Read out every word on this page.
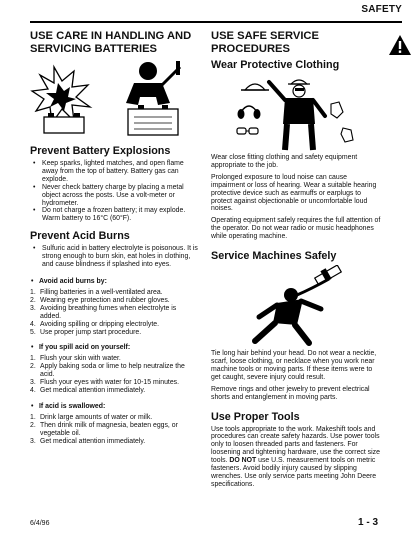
SAFETY
USE CARE IN HANDLING AND SERVICING BATTERIES
Prevent Battery Explosions
• Keep sparks, lighted matches, and open flame away from the top of battery. Battery gas can explode.
• Never check battery charge by placing a metal object across the posts. Use a volt-meter or hydrometer.
• Do not charge a frozen battery; it may explode. Warm battery to 16°C (60°F).
Prevent Acid Burns
• Sulfuric acid in battery electrolyte is poisonous. It is strong enough to burn skin, eat holes in clothing, and cause blindness if splashed into eyes.

• Avoid acid burns by:

1. Filling batteries in a well-ventilated area.
2. Wearing eye protection and rubber gloves.
3. Avoiding breathing fumes when electrolyte is added.
4. Avoiding spilling or dripping electrolyte.
5. Use proper jump start procedure.

• If you spill acid on yourself:

1. Flush your skin with water.
2. Apply baking soda or lime to help neutralize the acid.
3. Flush your eyes with water for 10-15 minutes.
4. Get medical attention immediately.

• If acid is swallowed:

1. Drink large amounts of water or milk.
2. Then drink milk of magnesia, beaten eggs, or vegetable oil.
3. Get medical attention immediately.
USE SAFE SERVICE PROCEDURES
Wear Protective Clothing

Wear close fitting clothing and safety equipment appropriate to the job.

Prolonged exposure to loud noise can cause impairment or loss of hearing. Wear a suitable hearing protective device such as earmuffs or earplugs to protect against objectionable or uncomfortable loud noises.

Operating equipment safely requires the full attention of the operator. Do not wear radio or music headphones while operating machine.

Service Machines Safely

Tie long hair behind your head. Do not wear a necktie, scarf, loose clothing, or necklace when you work near machine tools or moving parts. If these items were to get caught, severe injury could result.

Remove rings and other jewelry to prevent electrical shorts and entanglement in moving parts.

Use Proper Tools

Use tools appropriate to the work. Makeshift tools and procedures can create safety hazards. Use power tools only to loosen threaded parts and fasteners. For loosening and tightening hardware, use the correct size tools. DO NOT use U.S. measurement tools on metric fasteners. Avoid bodily injury caused by slipping wrenches. Use only service parts meeting John Deere specifications.

6/4/96	1 - 3
